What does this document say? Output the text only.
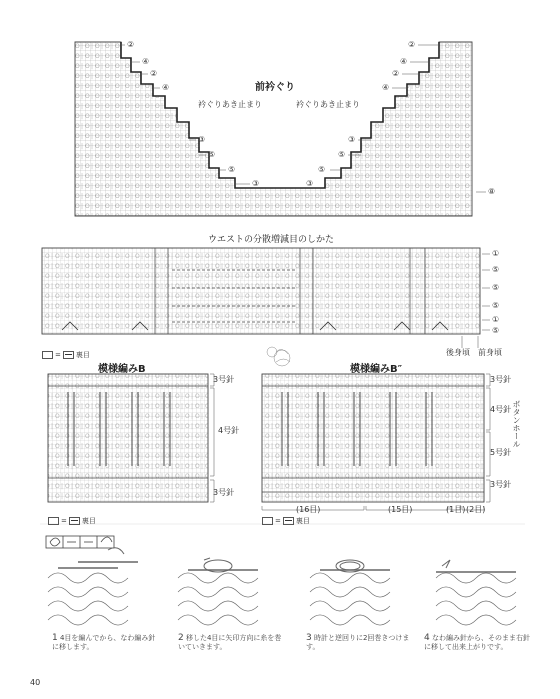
前衿ぐり
衿ぐりあき止まり	衿ぐりあき止まり
②
④
②
④
③
⑤
⑤
③
②
④
②
④
③
⑤
⑤
③
⑧
ウエストの分散増減目のしかた
①
⑤
⑤
⑤
①
⑤
後身頃 前身頃
= 裏目
= 裏目	= 裏目
模様編みB	模様編みB″
3号針
4号針
3号針
3号針
4号針
5号針
3号針
ボタンホール
(16目)	(15目)	(1目) (2目)
1 4目を編んでから、なわ編み針に移します。
2 移した4目に矢印方向に糸を巻いていきます。
3 時計と逆回りに2回巻きつけます。
4 なわ編み針から、そのまま右針に移して出来上がりです。
40
